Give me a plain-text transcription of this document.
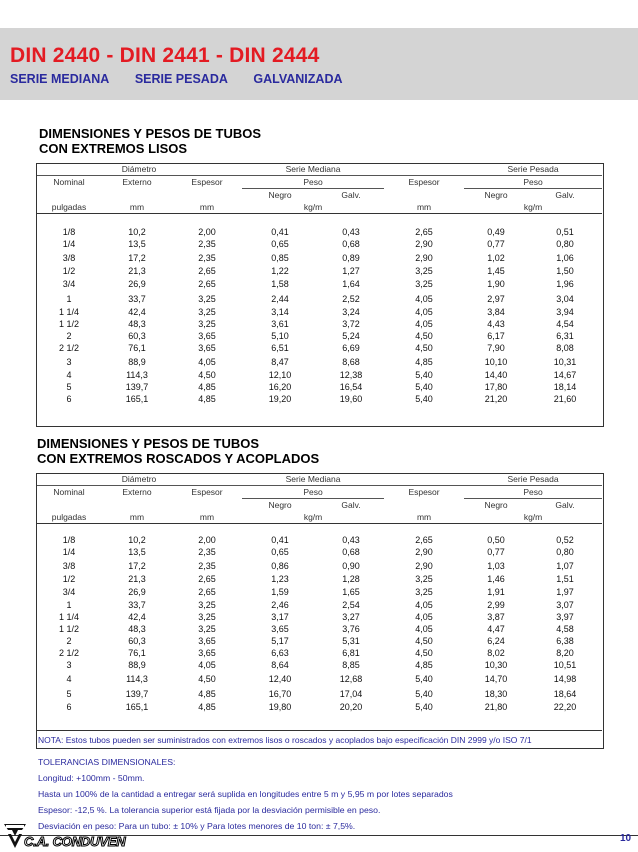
DIN 2440 - DIN 2441 - DIN 2444
SERIE MEDIANA SERIE PESADA GALVANIZADA
DIMENSIONES Y PESOS DE TUBOS
CON EXTREMOS LISOS
Diámetro			Serie Mediana			Serie Pesada	
Nominal	Externo	Espesor	Peso		Espesor	Peso	
			Negro	Galv.		Negro	Galv.
pulgadas	mm	mm	kg/m		mm	kg/m	
1/8	10,2	2,00	0,41	0,43	2,65	0,49	0,51
1/4	13,5	2,35	0,65	0,68	2,90	0,77	0,80
3/8	17,2	2,35	0,85	0,89	2,90	1,02	1,06
1/2	21,3	2,65	1,22	1,27	3,25	1,45	1,50
3/4	26,9	2,65	1,58	1,64	3,25	1,90	1,96
1	33,7	3,25	2,44	2,52	4,05	2,97	3,04
1 1/4	42,4	3,25	3,14	3,24	4,05	3,84	3,94
1 1/2	48,3	3,25	3,61	3,72	4,05	4,43	4,54
2	60,3	3,65	5,10	5,24	4,50	6,17	6,31
2 1/2	76,1	3,65	6,51	6,69	4,50	7,90	8,08
3	88,9	4,05	8,47	8,68	4,85	10,10	10,31
4	114,3	4,50	12,10	12,38	5,40	14,40	14,67
5	139,7	4,85	16,20	16,54	5,40	17,80	18,14
6	165,1	4,85	19,20	19,60	5,40	21,20	21,60
DIMENSIONES Y PESOS DE TUBOS
CON EXTREMOS ROSCADOS Y ACOPLADOS
Diámetro			Serie Mediana			Serie Pesada	
Nominal	Externo	Espesor	Peso		Espesor	Peso	
			Negro	Galv.		Negro	Galv.
pulgadas	mm	mm	kg/m		mm	kg/m	
1/8	10,2	2,00	0,41	0,43	2,65	0,50	0,52
1/4	13,5	2,35	0,65	0,68	2,90	0,77	0,80
3/8	17,2	2,35	0,86	0,90	2,90	1,03	1,07
1/2	21,3	2,65	1,23	1,28	3,25	1,46	1,51
3/4	26,9	2,65	1,59	1,65	3,25	1,91	1,97
1	33,7	3,25	2,46	2,54	4,05	2,99	3,07
1 1/4	42,4	3,25	3,17	3,27	4,05	3,87	3,97
1 1/2	48,3	3,25	3,65	3,76	4,05	4,47	4,58
2	60,3	3,65	5,17	5,31	4,50	6,24	6,38
2 1/2	76,1	3,65	6,63	6,81	4,50	8,02	8,20
3	88,9	4,05	8,64	8,85	4,85	10,30	10,51
4	114,3	4,50	12,40	12,68	5,40	14,70	14,98
5	139,7	4,85	16,70	17,04	5,40	18,30	18,64
6	165,1	4,85	19,80	20,20	5,40	21,80	22,20
NOTA: Estos tubos pueden ser suministrados con extremos lisos o roscados y acoplados bajo especificación DIN 2999 y/o ISO 7/1
TOLERANCIAS DIMENSIONALES:
Longitud: +100mm - 50mm.
Hasta un 100% de la cantidad a entregar será suplida en longitudes entre 5 m y 5,95 m por lotes separados
Espesor: -12,5 %. La tolerancia superior está fijada por la desviación permisible en peso.
Desviación en peso: Para un tubo: ± 10% y Para lotes menores de 10 ton: ± 7,5%.
C.A. CONDUVEN	10
